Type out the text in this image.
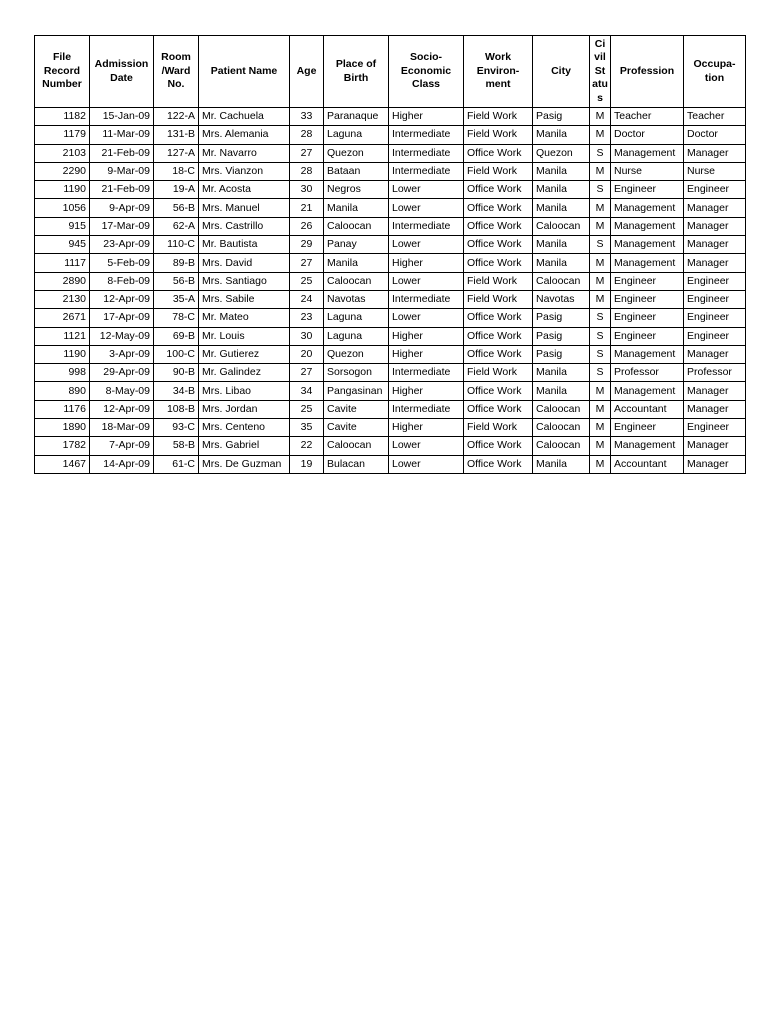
File Record Number	Admission Date	Room /Ward No.	Patient Name	Age	Place of Birth	Socio-Economic Class	Work Environ-ment	City	Civil Status	Profession	Occupa-tion
1182	15-Jan-09	122-A	Mr. Cachuela	33	Paranaque	Higher	Field Work	Pasig	M	Teacher	Teacher
1179	11-Mar-09	131-B	Mrs. Alemania	28	Laguna	Intermediate	Field Work	Manila	M	Doctor	Doctor
2103	21-Feb-09	127-A	Mr. Navarro	27	Quezon	Intermediate	Office Work	Quezon	S	Management	Manager
2290	9-Mar-09	18-C	Mrs. Vianzon	28	Bataan	Intermediate	Field Work	Manila	M	Nurse	Nurse
1190	21-Feb-09	19-A	Mr. Acosta	30	Negros	Lower	Office Work	Manila	S	Engineer	Engineer
1056	9-Apr-09	56-B	Mrs. Manuel	21	Manila	Lower	Office Work	Manila	M	Management	Manager
915	17-Mar-09	62-A	Mrs. Castrillo	26	Caloocan	Intermediate	Office Work	Caloocan	M	Management	Manager
945	23-Apr-09	110-C	Mr. Bautista	29	Panay	Lower	Office Work	Manila	S	Management	Manager
1117	5-Feb-09	89-B	Mrs. David	27	Manila	Higher	Office Work	Manila	M	Management	Manager
2890	8-Feb-09	56-B	Mrs. Santiago	25	Caloocan	Lower	Field Work	Caloocan	M	Engineer	Engineer
2130	12-Apr-09	35-A	Mrs. Sabile	24	Navotas	Intermediate	Field Work	Navotas	M	Engineer	Engineer
2671	17-Apr-09	78-C	Mr. Mateo	23	Laguna	Lower	Office Work	Pasig	S	Engineer	Engineer
1121	12-May-09	69-B	Mr. Louis	30	Laguna	Higher	Office Work	Pasig	S	Engineer	Engineer
1190	3-Apr-09	100-C	Mr. Gutierez	20	Quezon	Higher	Office Work	Pasig	S	Management	Manager
998	29-Apr-09	90-B	Mr. Galindez	27	Sorsogon	Intermediate	Field Work	Manila	S	Professor	Professor
890	8-May-09	34-B	Mrs. Libao	34	Pangasinan	Higher	Office Work	Manila	M	Management	Manager
1176	12-Apr-09	108-B	Mrs. Jordan	25	Cavite	Intermediate	Office Work	Caloocan	M	Accountant	Manager
1890	18-Mar-09	93-C	Mrs. Centeno	35	Cavite	Higher	Field Work	Caloocan	M	Engineer	Engineer
1782	7-Apr-09	58-B	Mrs. Gabriel	22	Caloocan	Lower	Office Work	Caloocan	M	Management	Manager
1467	14-Apr-09	61-C	Mrs. De Guzman	19	Bulacan	Lower	Office Work	Manila	M	Accountant	Manager
